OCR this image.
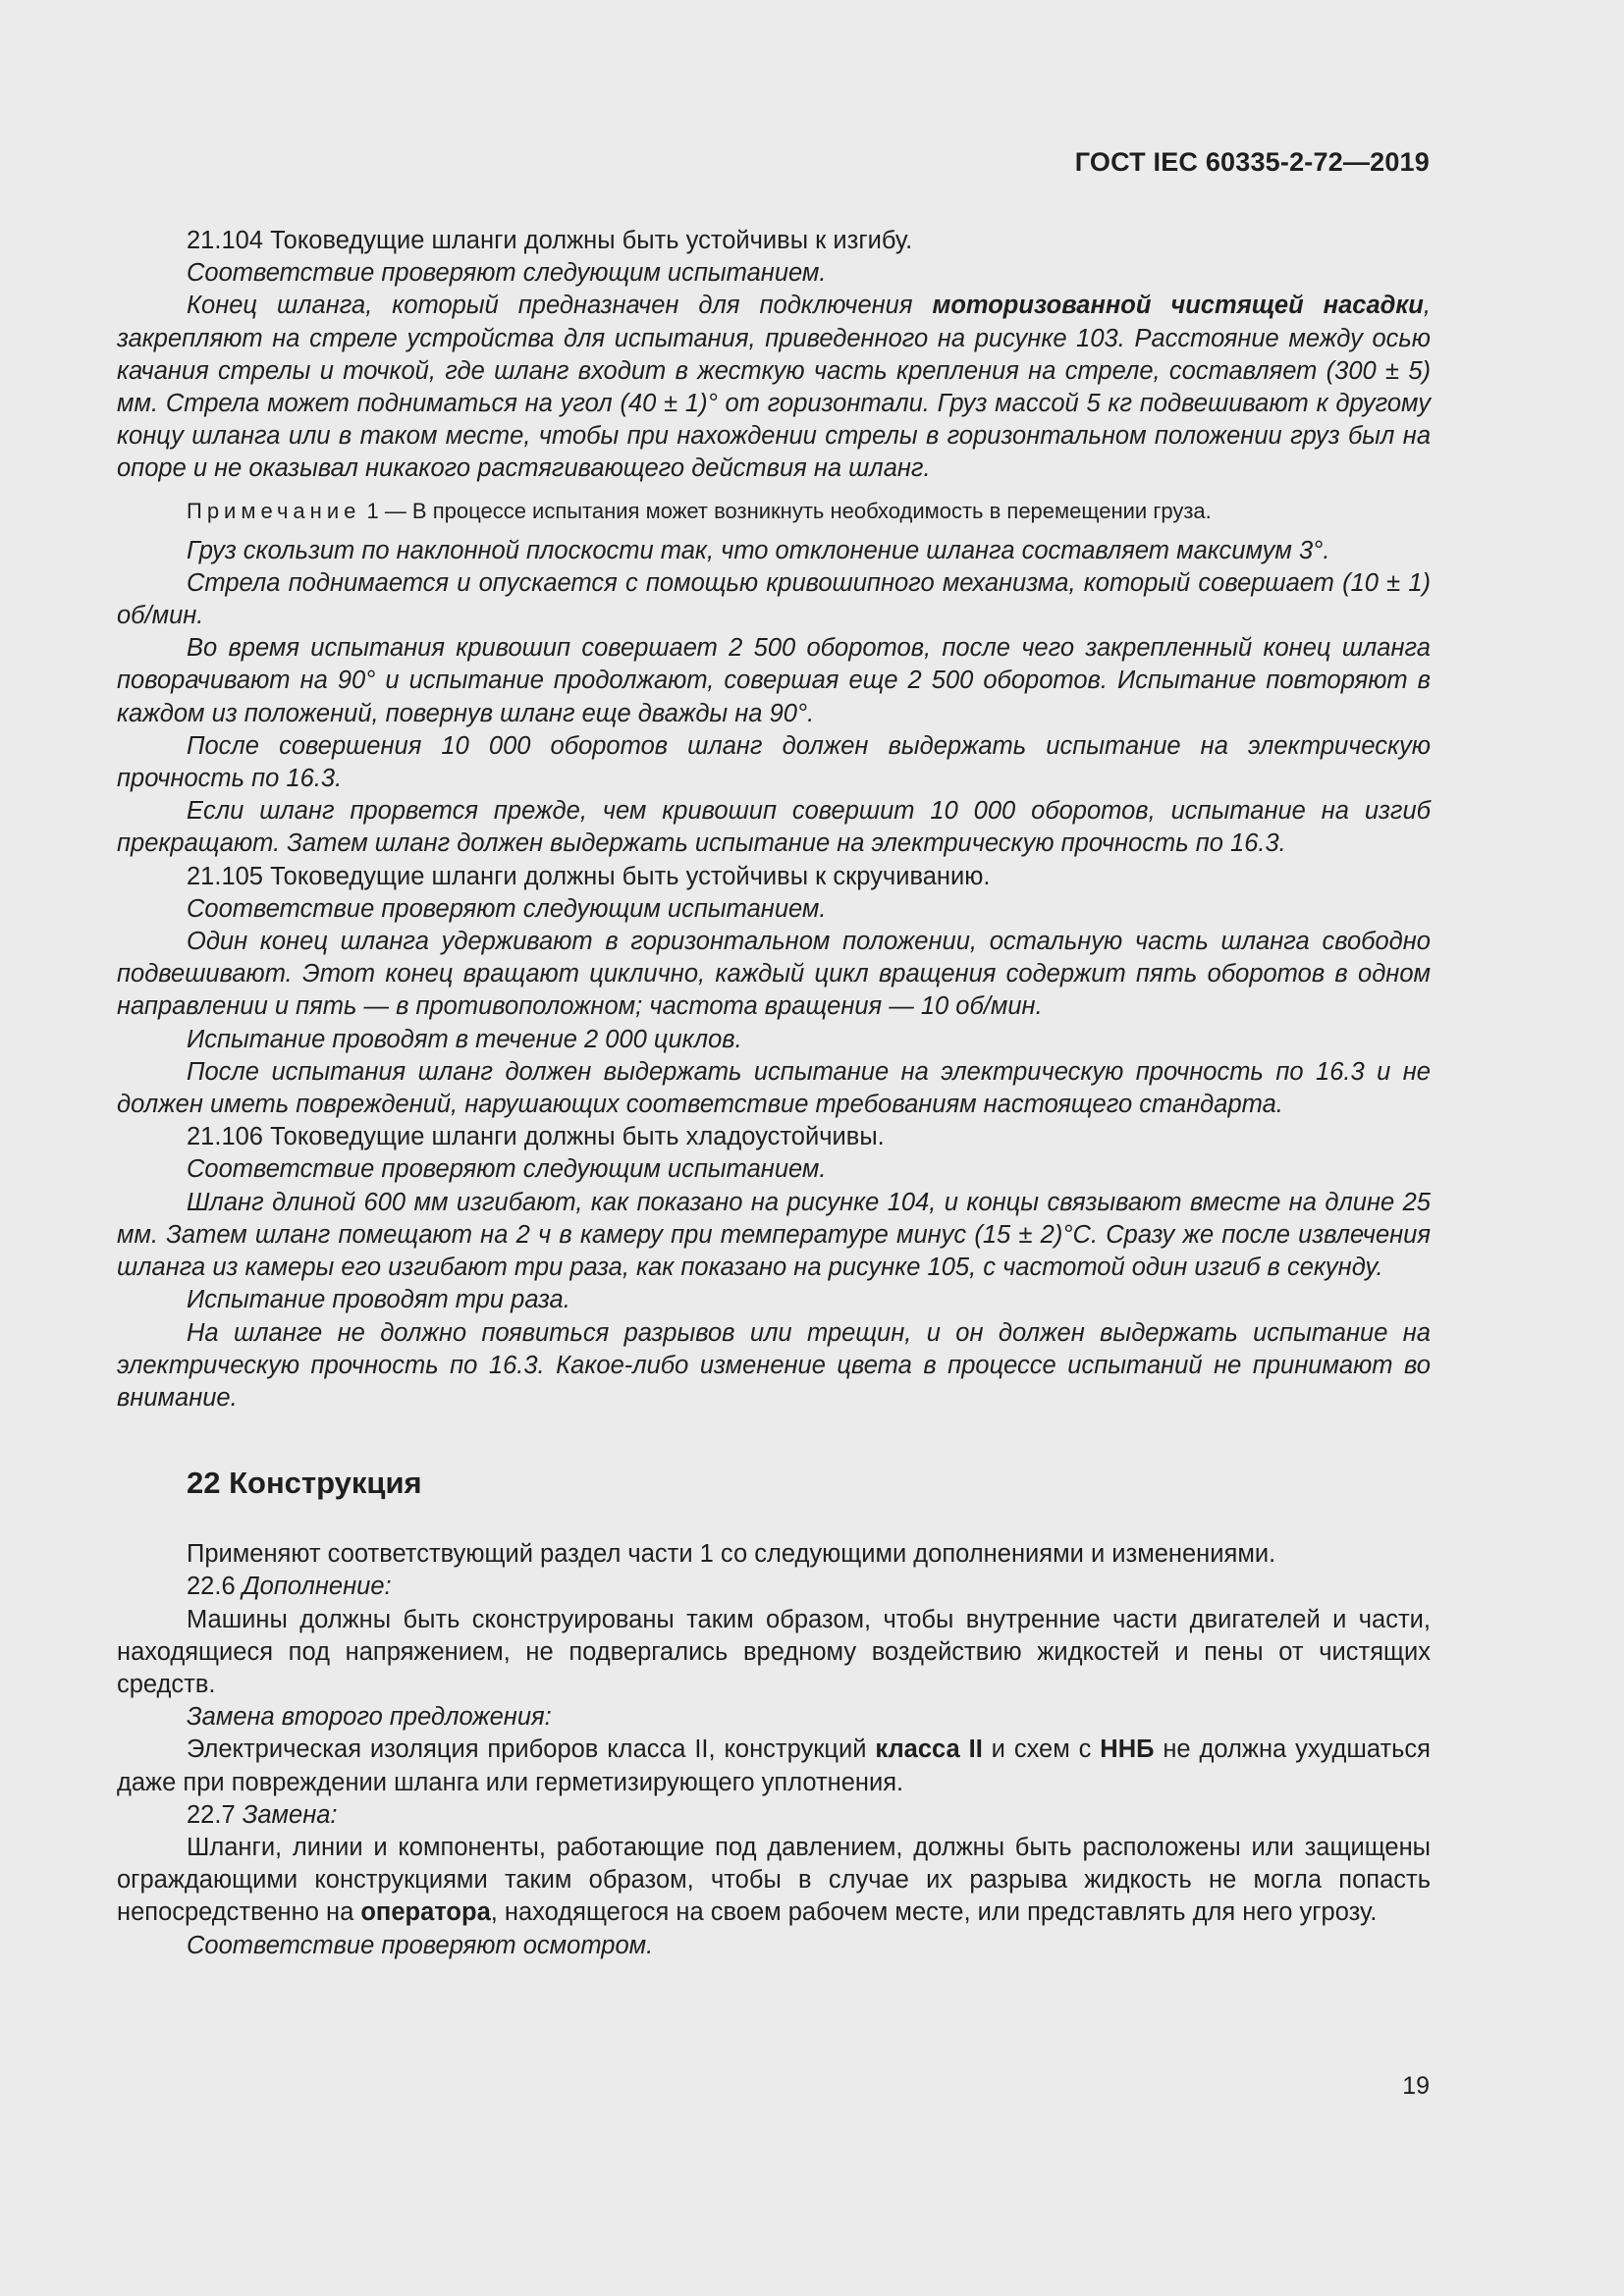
ГОСТ IEC 60335-2-72—2019

21.104 Токоведущие шланги должны быть устойчивы к изгибу.

Соответствие проверяют следующим испытанием.

Конец шланга, который предназначен для подключения моторизованной чистящей насадки, закрепляют на стреле устройства для испытания, приведенного на рисунке 103. Расстояние между осью качания стрелы и точкой, где шланг входит в жесткую часть крепления на стреле, составляет (300 ± 5) мм. Стрела может подниматься на угол (40 ± 1)° от горизонтали. Груз массой 5 кг подвешивают к другому концу шланга или в таком месте, чтобы при нахождении стрелы в горизонтальном положении груз был на опоре и не оказывал никакого растягивающего действия на шланг.

Примечание 1 — В процессе испытания может возникнуть необходимость в перемещении груза.

Груз скользит по наклонной плоскости так, что отклонение шланга составляет максимум 3°.

Стрела поднимается и опускается с помощью кривошипного механизма, который совершает (10 ± 1) об/мин.

Во время испытания кривошип совершает 2 500 оборотов, после чего закрепленный конец шланга поворачивают на 90° и испытание продолжают, совершая еще 2 500 оборотов. Испытание повторяют в каждом из положений, повернув шланг еще дважды на 90°.

После совершения 10 000 оборотов шланг должен выдержать испытание на электрическую прочность по 16.3.

Если шланг прорвется прежде, чем кривошип совершит 10 000 оборотов, испытание на изгиб прекращают. Затем шланг должен выдержать испытание на электрическую прочность по 16.3.

21.105 Токоведущие шланги должны быть устойчивы к скручиванию.

Соответствие проверяют следующим испытанием.

Один конец шланга удерживают в горизонтальном положении, остальную часть шланга свободно подвешивают. Этот конец вращают циклично, каждый цикл вращения содержит пять оборотов в одном направлении и пять — в противоположном; частота вращения — 10 об/мин.

Испытание проводят в течение 2 000 циклов.

После испытания шланг должен выдержать испытание на электрическую прочность по 16.3 и не должен иметь повреждений, нарушающих соответствие требованиям настоящего стандарта.

21.106 Токоведущие шланги должны быть хладоустойчивы.

Соответствие проверяют следующим испытанием.

Шланг длиной 600 мм изгибают, как показано на рисунке 104, и концы связывают вместе на длине 25 мм. Затем шланг помещают на 2 ч в камеру при температуре минус (15 ± 2)°С. Сразу же после извлечения шланга из камеры его изгибают три раза, как показано на рисунке 105, с частотой один изгиб в секунду.

Испытание проводят три раза.

На шланге не должно появиться разрывов или трещин, и он должен выдержать испытание на электрическую прочность по 16.3. Какое-либо изменение цвета в процессе испытаний не принимают во внимание.

22 Конструкция

Применяют соответствующий раздел части 1 со следующими дополнениями и изменениями.

22.6 Дополнение:

Машины должны быть сконструированы таким образом, чтобы внутренние части двигателей и части, находящиеся под напряжением, не подвергались вредному воздействию жидкостей и пены от чистящих средств.

Замена второго предложения:

Электрическая изоляция приборов класса II, конструкций класса II и схем с ННБ не должна ухудшаться даже при повреждении шланга или герметизирующего уплотнения.

22.7 Замена:

Шланги, линии и компоненты, работающие под давлением, должны быть расположены или защищены ограждающими конструкциями таким образом, чтобы в случае их разрыва жидкость не могла попасть непосредственно на оператора, находящегося на своем рабочем месте, или представлять для него угрозу.

Соответствие проверяют осмотром.

19
